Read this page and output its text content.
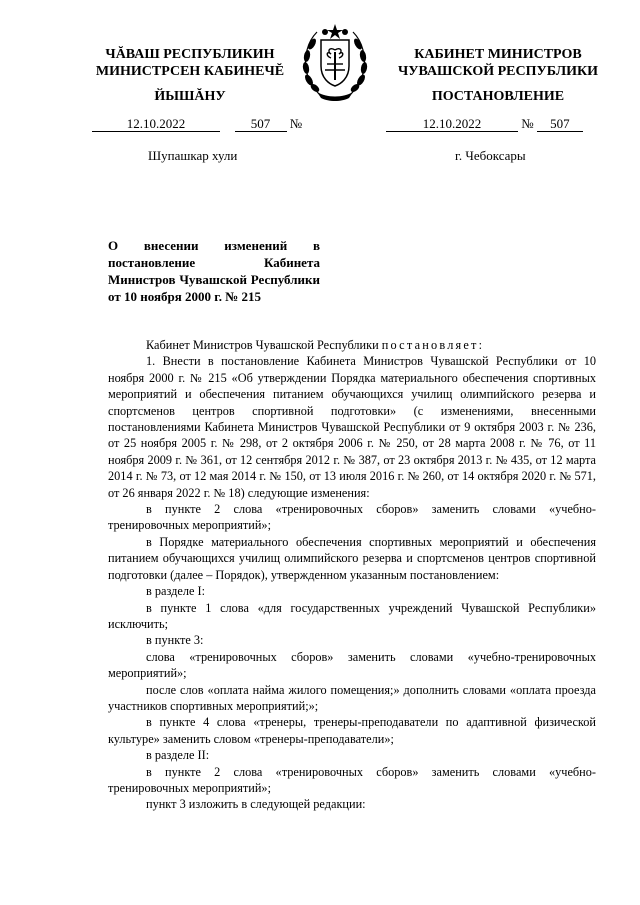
ЧĂВАШ РЕСПУБЛИКИН
МИНИСТРСЕН КАБИНЕЧĔ
ЙЫШĂНУ
КАБИНЕТ МИНИСТРОВ
ЧУВАШСКОЙ РЕСПУБЛИКИ
ПОСТАНОВЛЕНИЕ
12.10.2022	507 №	12.10.2022	№ 507
Шупашкар хули	г. Чебоксары
О внесении изменений в постановление Кабинета Министров Чувашской Республики от 10 ноября 2000 г. № 215

Кабинет Министров Чувашской Республики постановляет:

1. Внести в постановление Кабинета Министров Чувашской Республики от 10 ноября 2000 г. № 215 «Об утверждении Порядка материального обеспечения спортивных мероприятий и обеспечения питанием обучающихся училищ олимпийского резерва и спортсменов центров спортивной подготовки» (с изменениями, внесенными постановлениями Кабинета Министров Чувашской Республики от 9 октября 2003 г. № 236, от 25 ноября 2005 г. № 298, от 2 октября 2006 г. № 250, от 28 марта 2008 г. № 76, от 11 ноября 2009 г. № 361, от 12 сентября 2012 г. № 387, от 23 октября 2013 г. № 435, от 12 марта 2014 г. № 73, от 12 мая 2014 г. № 150, от 13 июля 2016 г. № 260, от 14 октября 2020 г. № 571, от 26 января 2022 г. № 18) следующие изменения:

в пункте 2 слова «тренировочных сборов» заменить словами «учебно-тренировочных мероприятий»;

в Порядке материального обеспечения спортивных мероприятий и обеспечения питанием обучающихся училищ олимпийского резерва и спортсменов центров спортивной подготовки (далее – Порядок), утвержденном указанным постановлением:

в разделе I:

в пункте 1 слова «для государственных учреждений Чувашской Республики» исключить;

в пункте 3:

слова «тренировочных сборов» заменить словами «учебно-тренировочных мероприятий»;

после слов «оплата найма жилого помещения;» дополнить словами «оплата проезда участников спортивных мероприятий;»;

в пункте 4 слова «тренеры, тренеры-преподаватели по адаптивной физической культуре» заменить словом «тренеры-преподаватели»;

в разделе II:

в пункте 2 слова «тренировочных сборов» заменить словами «учебно-тренировочных мероприятий»;

пункт 3 изложить в следующей редакции:
